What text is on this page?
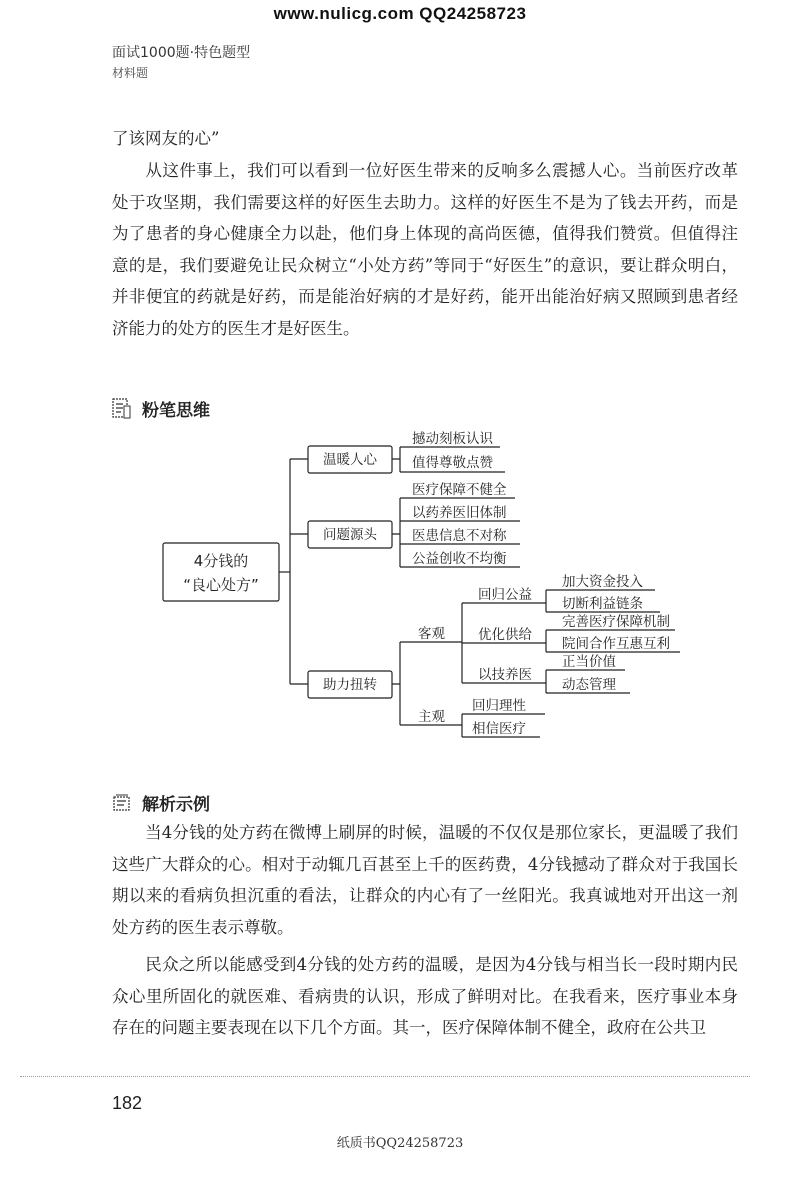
www.nulicg.com QQ24258723
面试1000题·特色题型
材料题

了该网友的心”

从这件事上，我们可以看到一位好医生带来的反响多么震撼人心。当前医疗改革处于攻坚期，我们需要这样的好医生去助力。这样的好医生不是为了钱去开药，而是为了患者的身心健康全力以赴，他们身上体现的高尚医德，值得我们赞赏。但值得注意的是，我们要避免让民众树立“小处方药”等同于“好医生”的意识，要让群众明白，并非便宜的药就是好药，而是能治好病的才是好药，能开出能治好病又照顾到患者经济能力的处方的医生才是好医生。

粉笔思维
4分钱的
“良心处方”
温暖人心
问题源头
助力扭转
撼动刻板认识
值得尊敬点赞
医疗保障不健全
以药养医旧体制
医患信息不对称
公益创收不均衡
客观
主观
回归公益
优化供给
以技养医
加大资金投入
切断利益链条
完善医疗保障机制
院间合作互惠互利
正当价值
动态管理
回归理性
相信医疗
解析示例

当4分钱的处方药在微博上刷屏的时候，温暖的不仅仅是那位家长，更温暖了我们这些广大群众的心。相对于动辄几百甚至上千的医药费，4分钱撼动了群众对于我国长期以来的看病负担沉重的看法，让群众的内心有了一丝阳光。我真诚地对开出这一剂处方药的医生表示尊敬。

民众之所以能感受到4分钱的处方药的温暖，是因为4分钱与相当长一段时期内民众心里所固化的就医难、看病贵的认识，形成了鲜明对比。在我看来，医疗事业本身存在的问题主要表现在以下几个方面。其一，医疗保障体制不健全，政府在公共卫

182
纸质书QQ24258723
